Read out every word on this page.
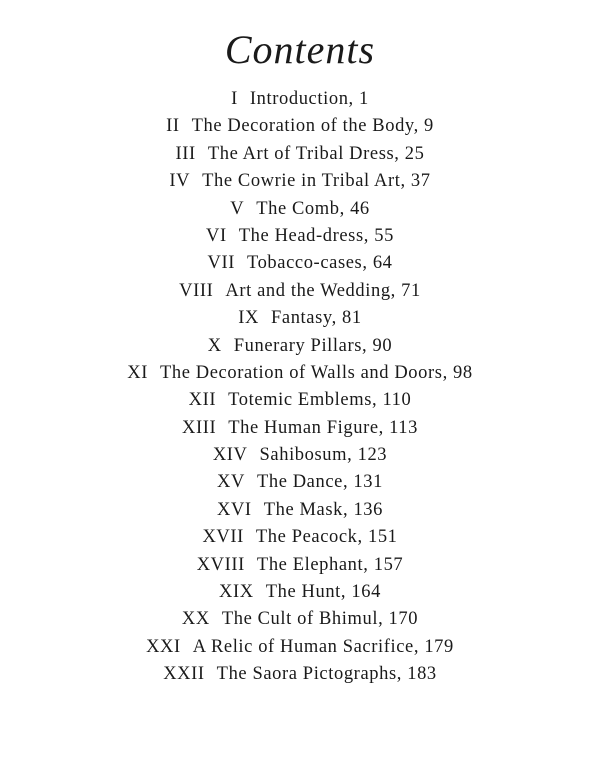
Contents
I Introduction, 1
II The Decoration of the Body, 9
III The Art of Tribal Dress, 25
IV The Cowrie in Tribal Art, 37
V The Comb, 46
VI The Head-dress, 55
VII Tobacco-cases, 64
VIII Art and the Wedding, 71
IX Fantasy, 81
X Funerary Pillars, 90
XI The Decoration of Walls and Doors, 98
XII Totemic Emblems, 110
XIII The Human Figure, 113
XIV Sahibosum, 123
XV The Dance, 131
XVI The Mask, 136
XVII The Peacock, 151
XVIII The Elephant, 157
XIX The Hunt, 164
XX The Cult of Bhimul, 170
XXI A Relic of Human Sacrifice, 179
XXII The Saora Pictographs, 183
